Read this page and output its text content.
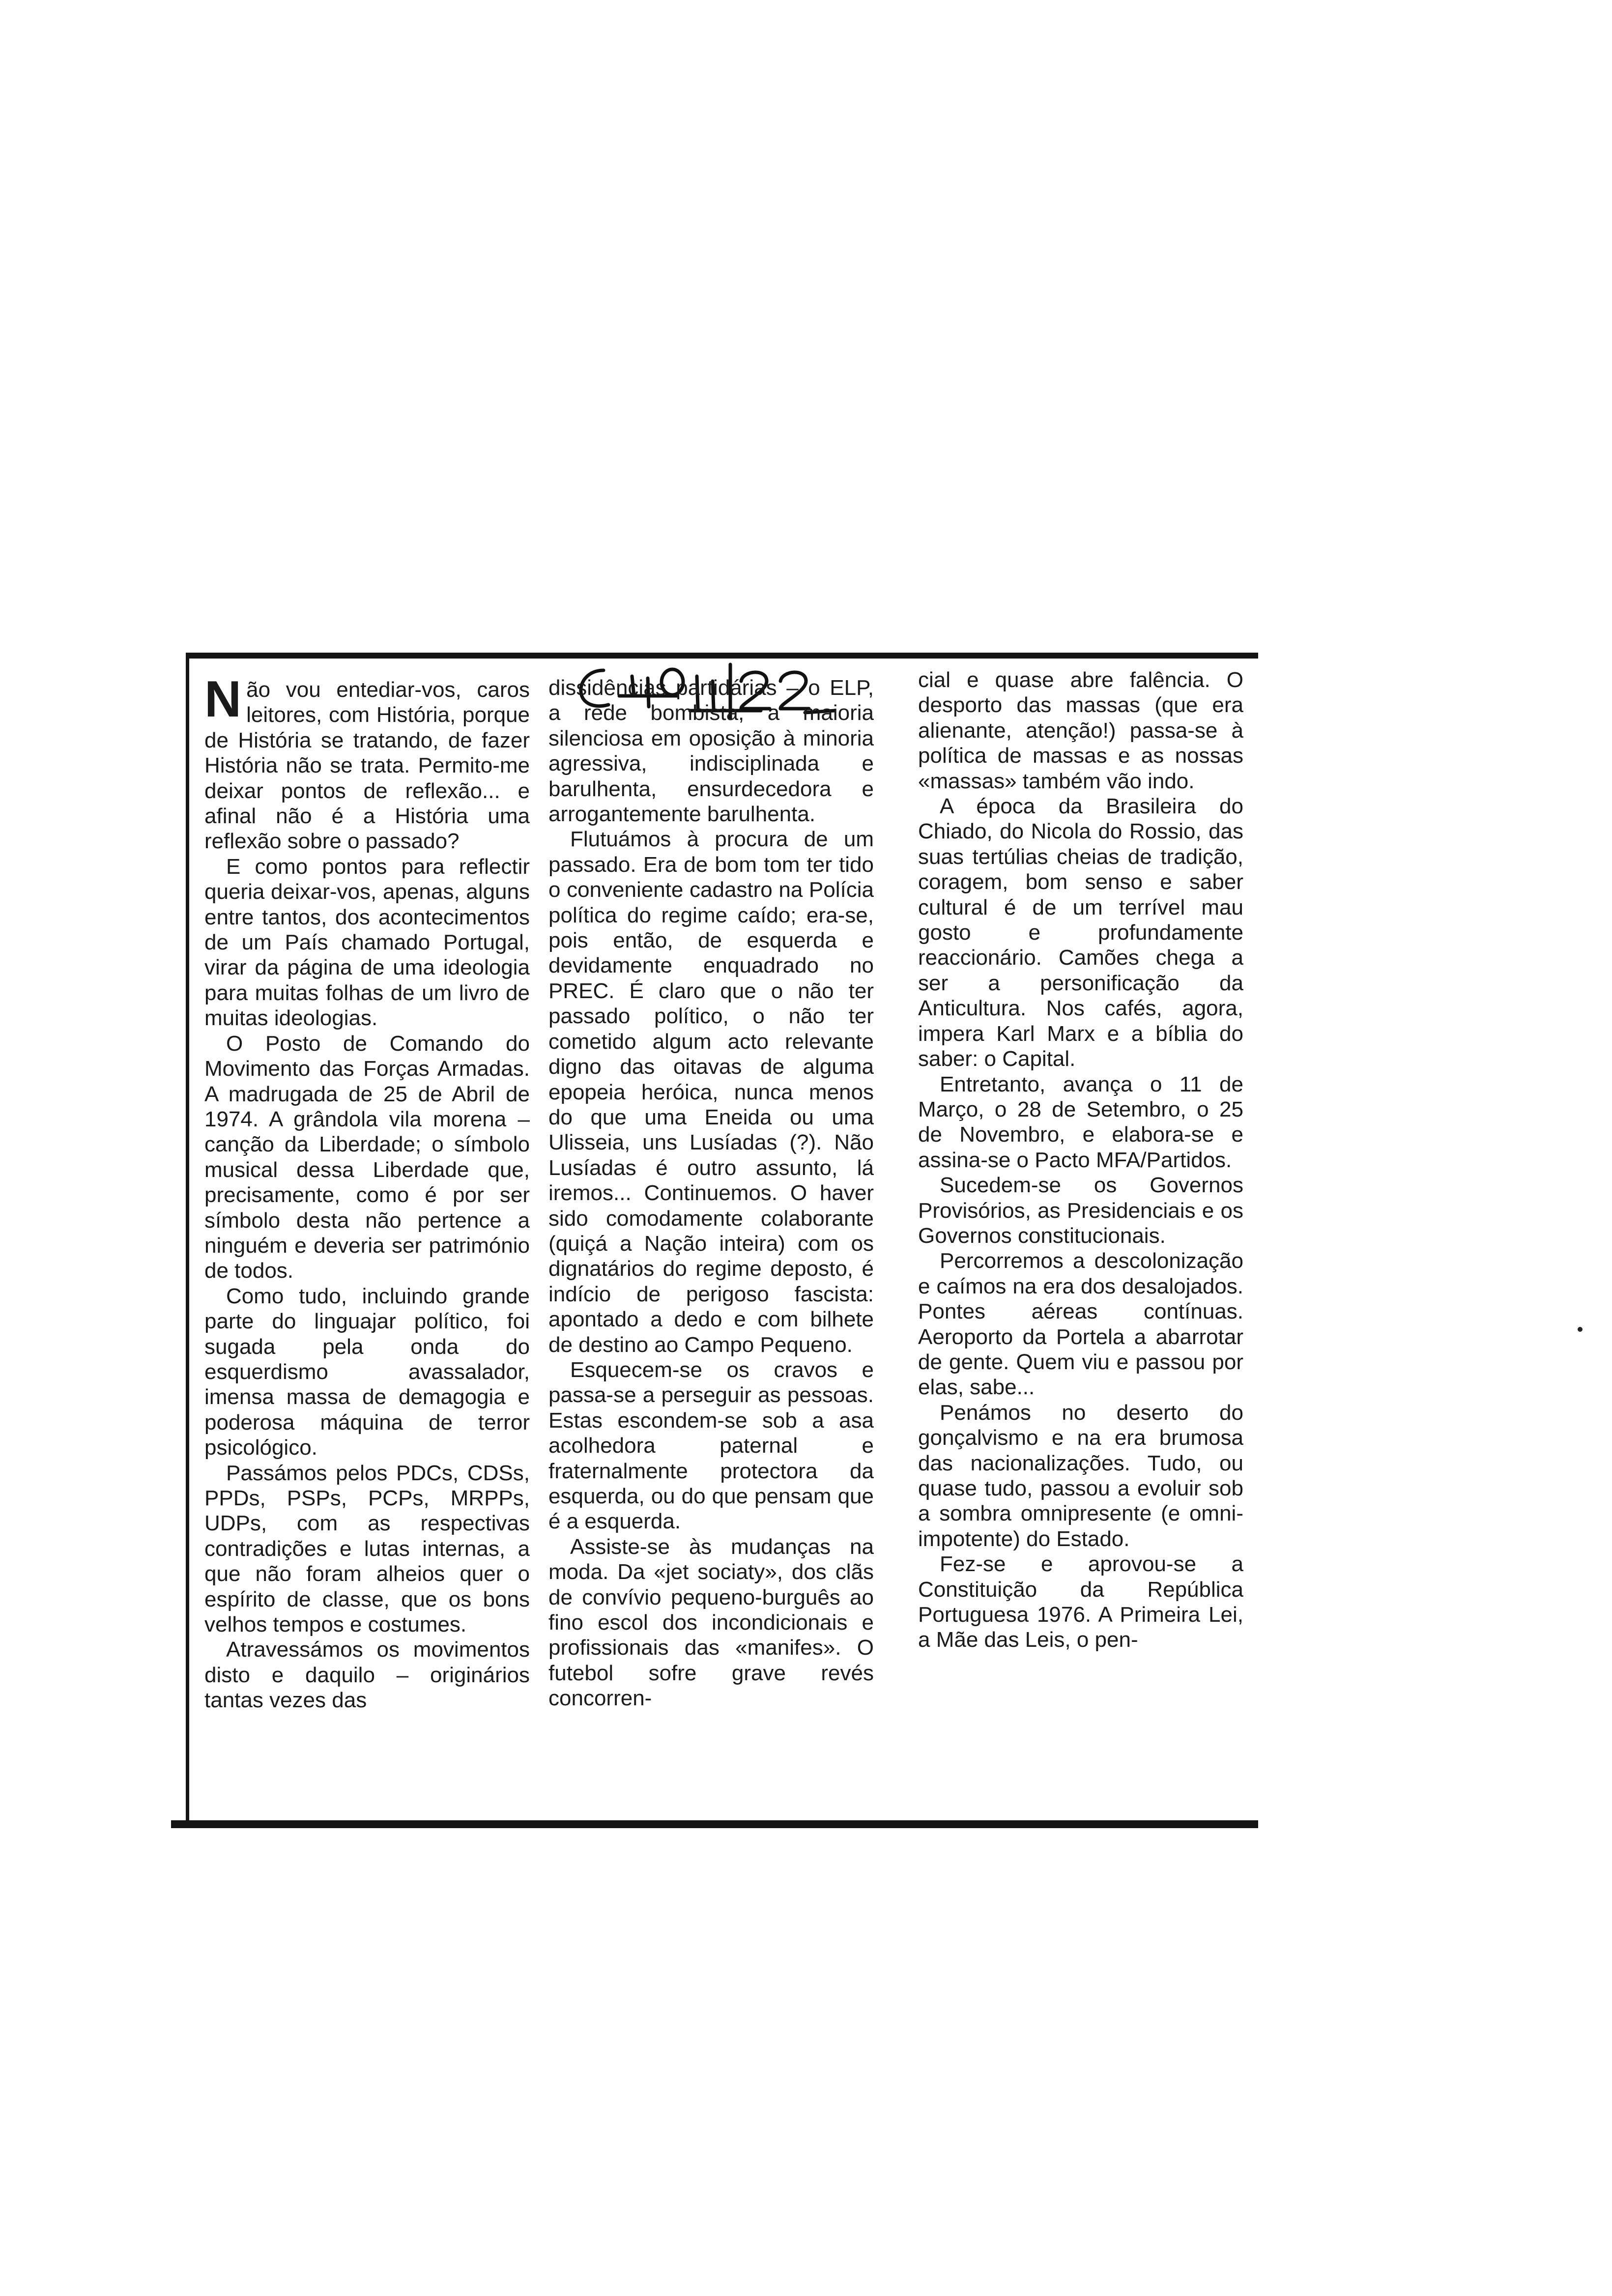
Não vou entediar-vos, caros leitores, com História, porque de História se tratando, de fazer História não se trata. Permito-me deixar pontos de reflexão... e afinal não é a História uma reflexão sobre o passado?

E como pontos para reflectir queria deixar-vos, apenas, alguns entre tantos, dos acontecimentos de um País chamado Portugal, virar da página de uma ideologia para muitas folhas de um livro de muitas ideologias.

O Posto de Comando do Movimento das Forças Armadas. A madrugada de 25 de Abril de 1974. A grândola vila morena – canção da Liberdade; o símbolo musical dessa Liberdade que, precisamente, como é por ser símbolo desta não pertence a ninguém e deveria ser património de todos.

Como tudo, incluindo grande parte do linguajar político, foi sugada pela onda do esquerdismo avassalador, imensa massa de demagogia e poderosa máquina de terror psicológico.

Passámos pelos PDCs, CDSs, PPDs, PSPs, PCPs, MRPPs, UDPs, com as respectivas contradições e lutas internas, a que não foram alheios quer o espírito de classe, que os bons velhos tempos e costumes.

Atravessámos os movimentos disto e daquilo – originários tantas vezes das

dissidências partidárias – o ELP, a rede bombista, a maioria silenciosa em oposição à minoria agressiva, indisciplinada e barulhenta, ensurdecedora e arrogantemente barulhenta.

Flutuámos à procura de um passado. Era de bom tom ter tido o conveniente cadastro na Polícia política do regime caído; era-se, pois então, de esquerda e devidamente enquadrado no PREC. É claro que o não ter passado político, o não ter cometido algum acto relevante digno das oitavas de alguma epopeia heróica, nunca menos do que uma Eneida ou uma Ulisseia, uns Lusíadas (?). Não Lusíadas é outro assunto, lá iremos... Continuemos. O haver sido comodamente colaborante (quiçá a Nação inteira) com os dignatários do regime deposto, é indício de perigoso fascista: apontado a dedo e com bilhete de destino ao Campo Pequeno.

Esquecem-se os cravos e passa-se a perseguir as pessoas. Estas escondem-se sob a asa acolhedora paternal e fraternalmente protectora da esquerda, ou do que pensam que é a esquerda.

Assiste-se às mudanças na moda. Da «jet sociaty», dos clãs de convívio pequeno-burguês ao fino escol dos incondicionais e profissionais das «manifes». O futebol sofre grave revés concorren-

cial e quase abre falência. O desporto das massas (que era alienante, atenção!) passa-se à política de massas e as nossas «massas» também vão indo.

A época da Brasileira do Chiado, do Nicola do Rossio, das suas tertúlias cheias de tradição, coragem, bom senso e saber cultural é de um terrível mau gosto e profundamente reaccionário. Camões chega a ser a personificação da Anticultura. Nos cafés, agora, impera Karl Marx e a bíblia do saber: o Capital.

Entretanto, avança o 11 de Março, o 28 de Setembro, o 25 de Novembro, e elabora-se e assina-se o Pacto MFA/Partidos.

Sucedem-se os Governos Provisórios, as Presidenciais e os Governos constitucionais.

Percorremos a descolonização e caímos na era dos desalojados. Pontes aéreas contínuas. Aeroporto da Portela a abarrotar de gente. Quem viu e passou por elas, sabe...

Penámos no deserto do gonçalvismo e na era brumosa das nacionalizações. Tudo, ou quase tudo, passou a evoluir sob a sombra omnipresente (e omni-impotente) do Estado.

Fez-se e aprovou-se a Constituição da República Portuguesa 1976. A Primeira Lei, a Mãe das Leis, o pen-
